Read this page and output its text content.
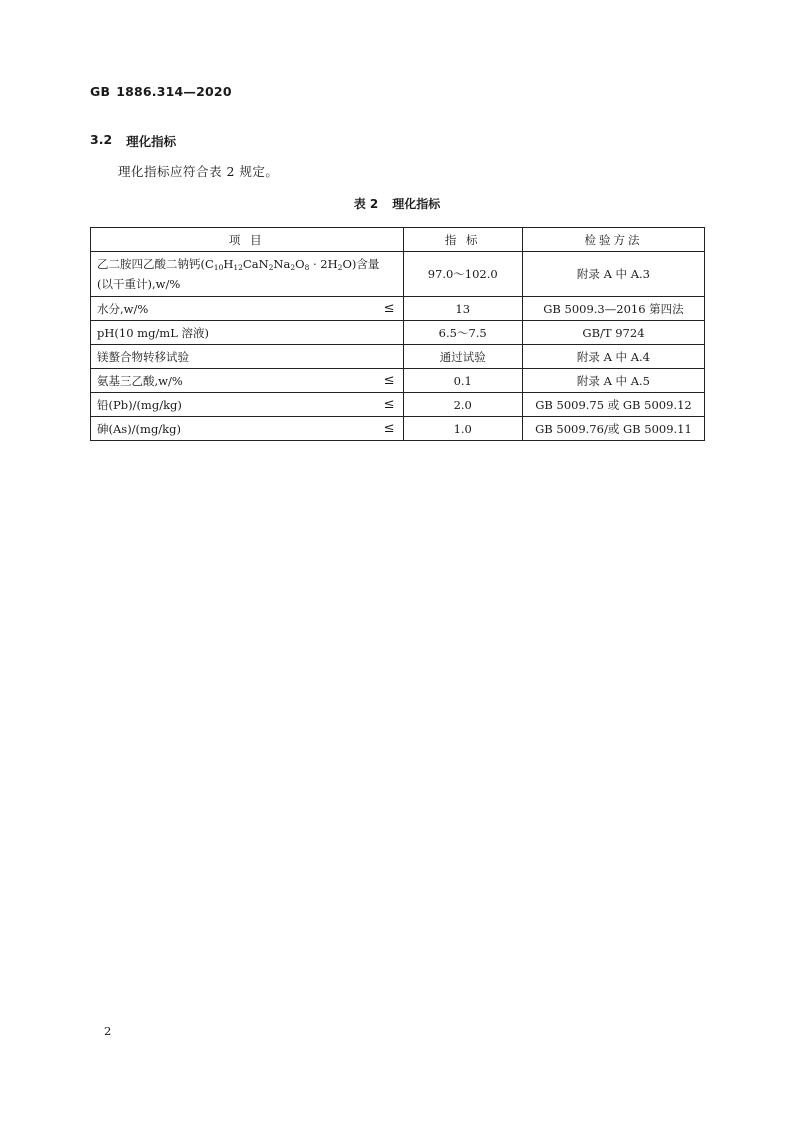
GB 1886.314—2020
3.2 理化指标
理化指标应符合表 2 规定。
表 2 理化指标
项 目	指 标	检验方法

乙二胺四乙酸二钠钙$(C_{10}H_{12}CaN_2Na_2O_8 \cdot 2H_2O)$含量
(以干重计),w/%	97.0～102.0	附录 A 中 A.3

水分,w/% ≤	13	GB 5009.3—2016 第四法

pH(10 mg/mL 溶液)	6.5～7.5	GB/T 9724

镁螯合物转移试验	通过试验	附录 A 中 A.4

氨基三乙酸,w/% ≤	0.1	附录 A 中 A.5

铅(Pb)/(mg/kg) ≤	2.0	GB 5009.75 或 GB 5009.12

砷(As)/(mg/kg) ≤	1.0	GB 5009.76/或 GB 5009.11
2
